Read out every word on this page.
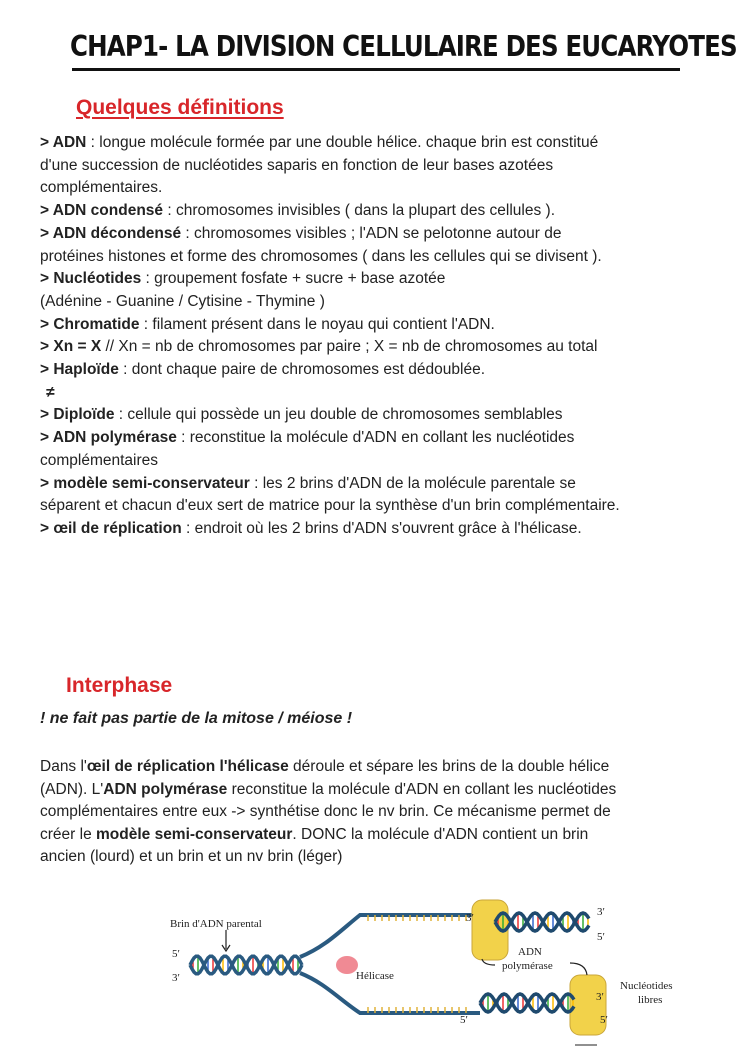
CHAP1- LA DIVISION CELLULAIRE DES EUCARYOTES
Quelques définitions

> ADN : longue molécule formée par une double hélice. chaque brin est constitué d'une succession de nucléotides saparis en fonction de leur bases azotées complémentaires.

> ADN condensé : chromosomes invisibles ( dans la plupart des cellules ).

> ADN décondensé : chromosomes visibles ; l'ADN se pelotonne autour de protéines histones et forme des chromosomes ( dans les cellules qui se divisent ).

> Nucléotides : groupement fosfate + sucre + base azotée

(Adénine - Guanine / Cytisine - Thymine )

> Chromatide : filament présent dans le noyau qui contient l'ADN.

> Xn = X // Xn = nb de chromosomes par paire ; X = nb de chromosomes au total

> Haploïde : dont chaque paire de chromosomes est dédoublée.

≠

> Diploïde : cellule qui possède un jeu double de chromosomes semblables

> ADN polymérase : reconstitue la molécule d'ADN en collant les nucléotides complémentaires

> modèle semi-conservateur : les 2 brins d'ADN de la molécule parentale se séparent et chacun d'eux sert de matrice pour la synthèse d'un brin complémentaire.

> œil de réplication : endroit où les 2 brins d'ADN s'ouvrent grâce à l'hélicase.

Interphase
! ne fait pas partie de la mitose / méiose !
Dans l'œil de réplication l'hélicase déroule et sépare les brins de la double hélice (ADN). L'ADN polymérase reconstitue la molécule d'ADN en collant les nucléotides complémentaires entre eux -> synthétise donc le nv brin. Ce mécanisme permet de créer le modèle semi-conservateur. DONC la molécule d'ADN contient un brin ancien (lourd) et un brin et un nv brin (léger)
Brin d'ADN parental
5′
3′	Hélicase
ADN
polymérase
Nucléotides
libres
3′	3′
5′
3′
5′	5′
